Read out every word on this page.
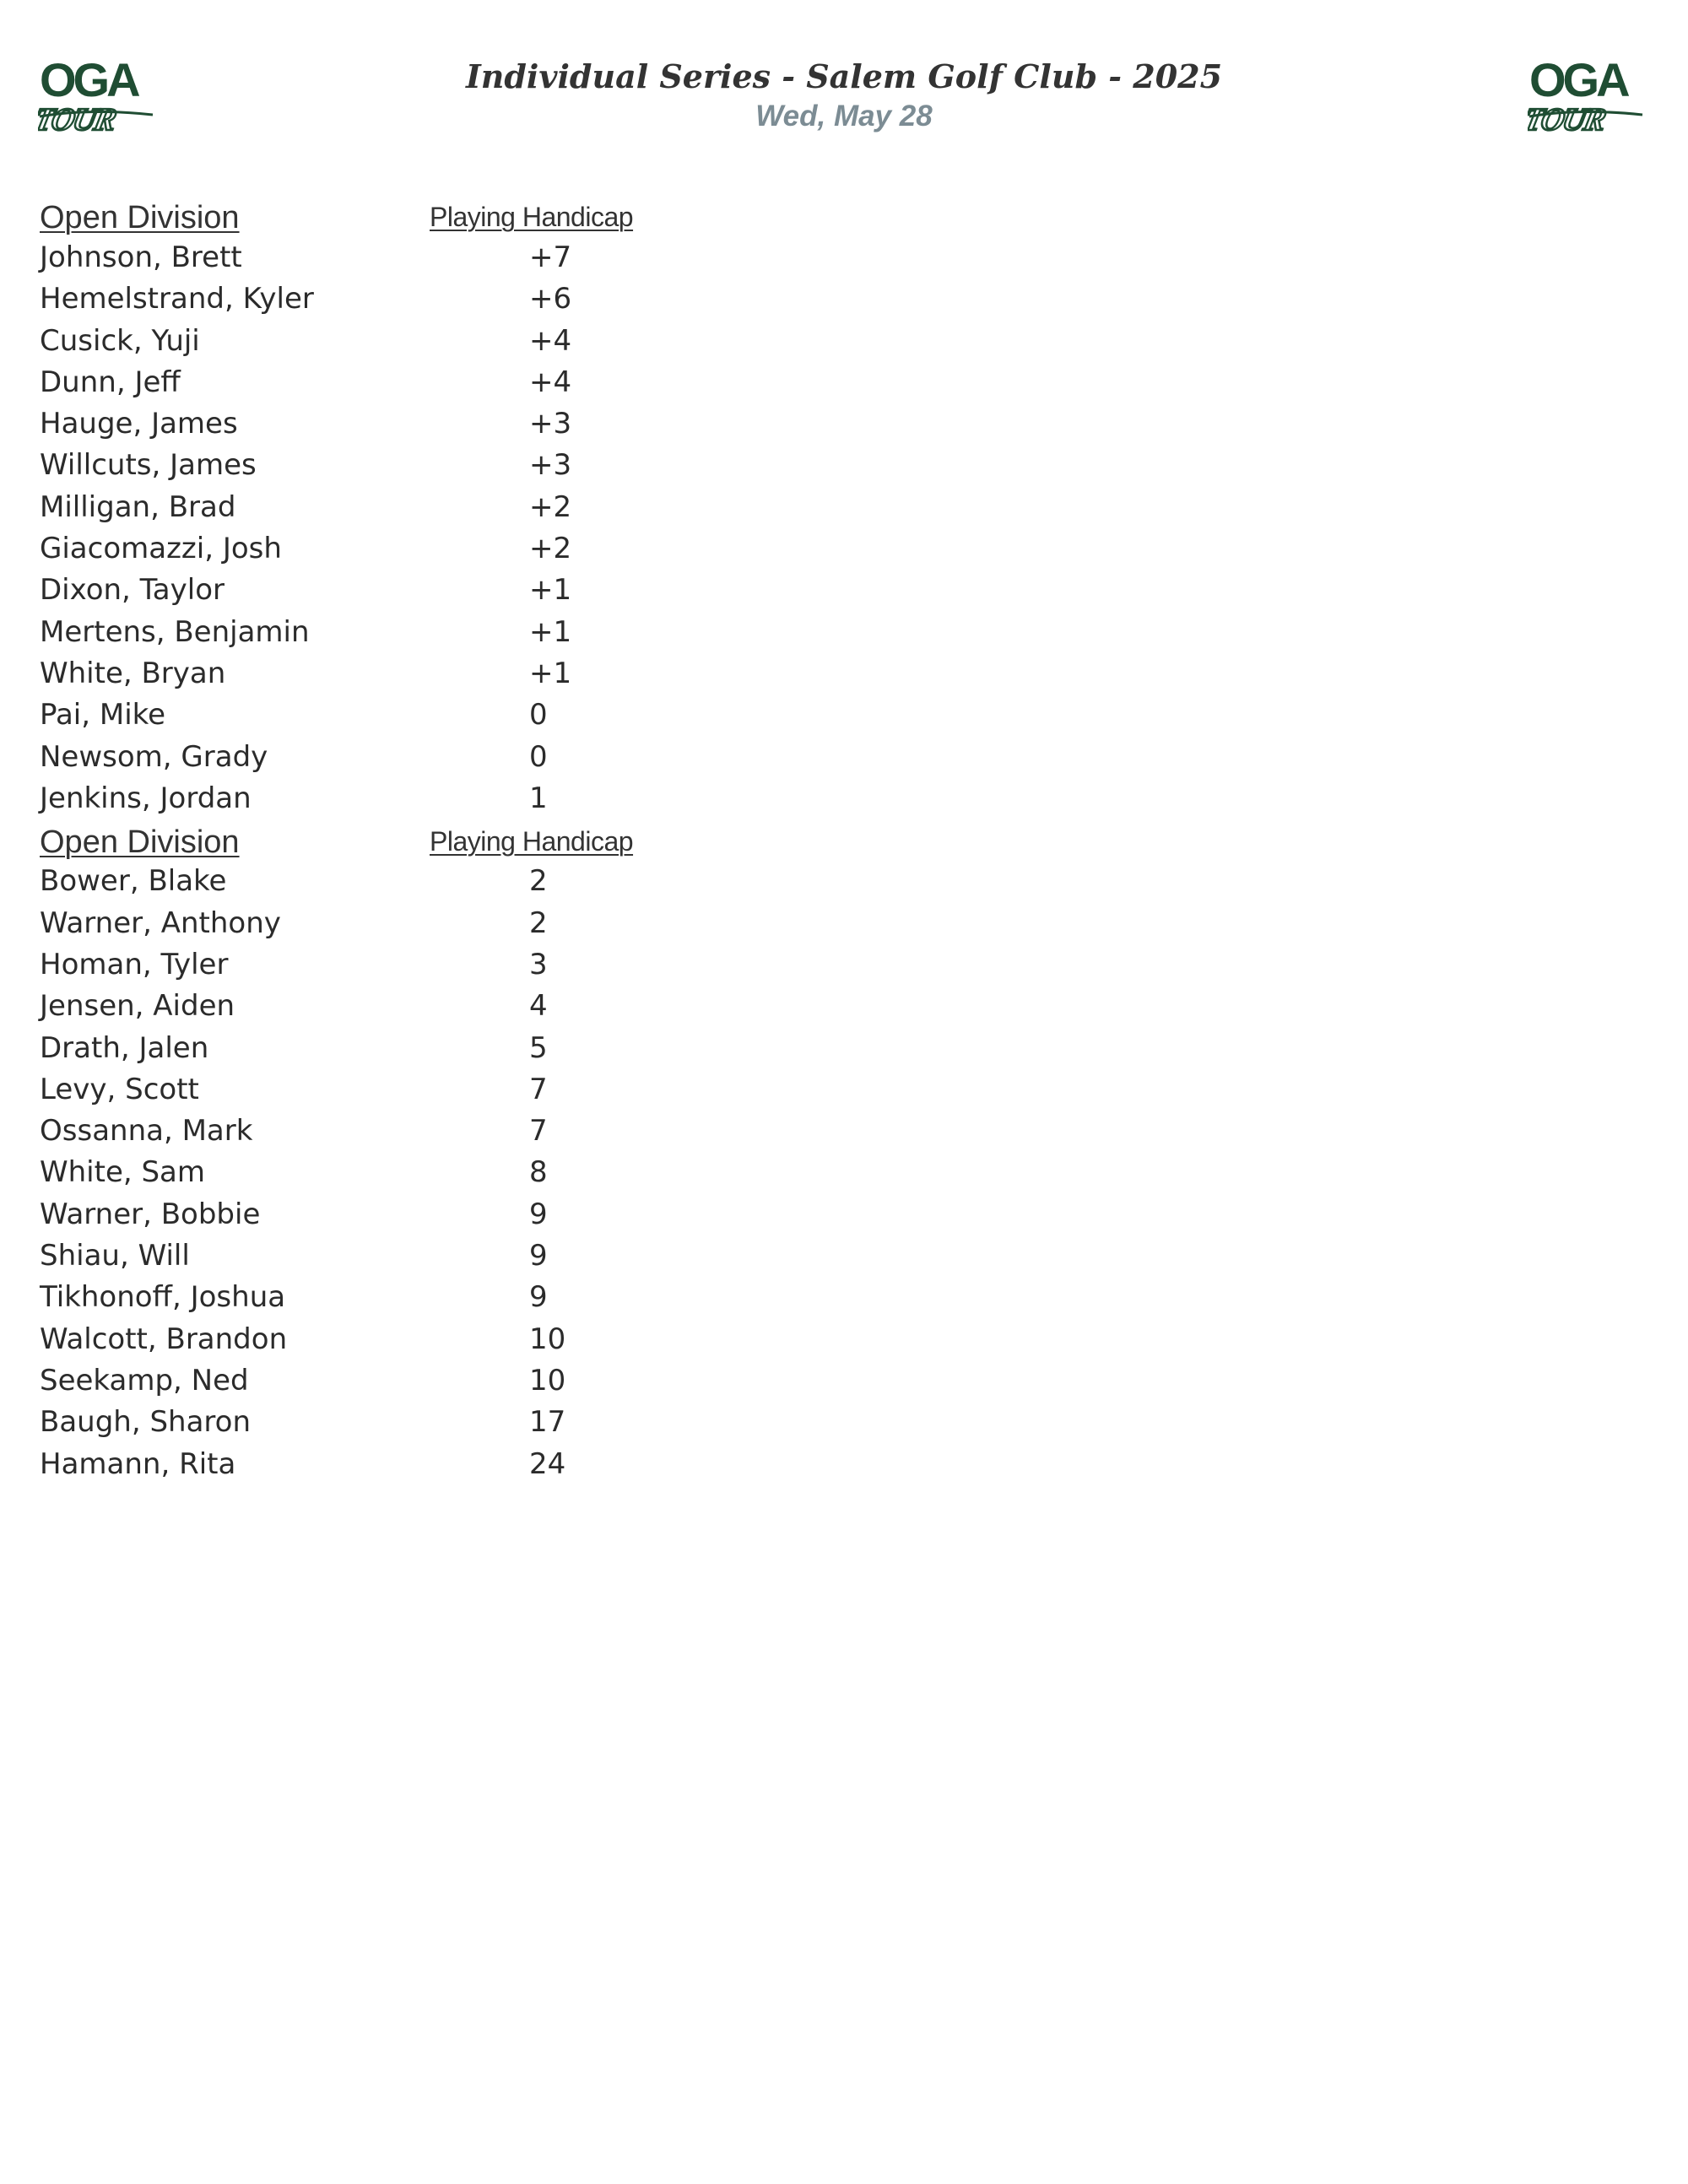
OGA
TOUR
OGA
TOUR
Individual Series - Salem Golf Club - 2025
Wed, May 28
Open Division	Playing Handicap
Johnson, Brett	+7
Hemelstrand, Kyler	+6
Cusick, Yuji	+4
Dunn, Jeff	+4
Hauge, James	+3
Willcuts, James	+3
Milligan, Brad	+2
Giacomazzi, Josh	+2
Dixon, Taylor	+1
Mertens, Benjamin	+1
White, Bryan	+1
Pai, Mike	0
Newsom, Grady	0
Jenkins, Jordan	1
Open Division	Playing Handicap
Bower, Blake	2
Warner, Anthony	2
Homan, Tyler	3
Jensen, Aiden	4
Drath, Jalen	5
Levy, Scott	7
Ossanna, Mark	7
White, Sam	8
Warner, Bobbie	9
Shiau, Will	9
Tikhonoff, Joshua	9
Walcott, Brandon	10
Seekamp, Ned	10
Baugh, Sharon	17
Hamann, Rita	24
